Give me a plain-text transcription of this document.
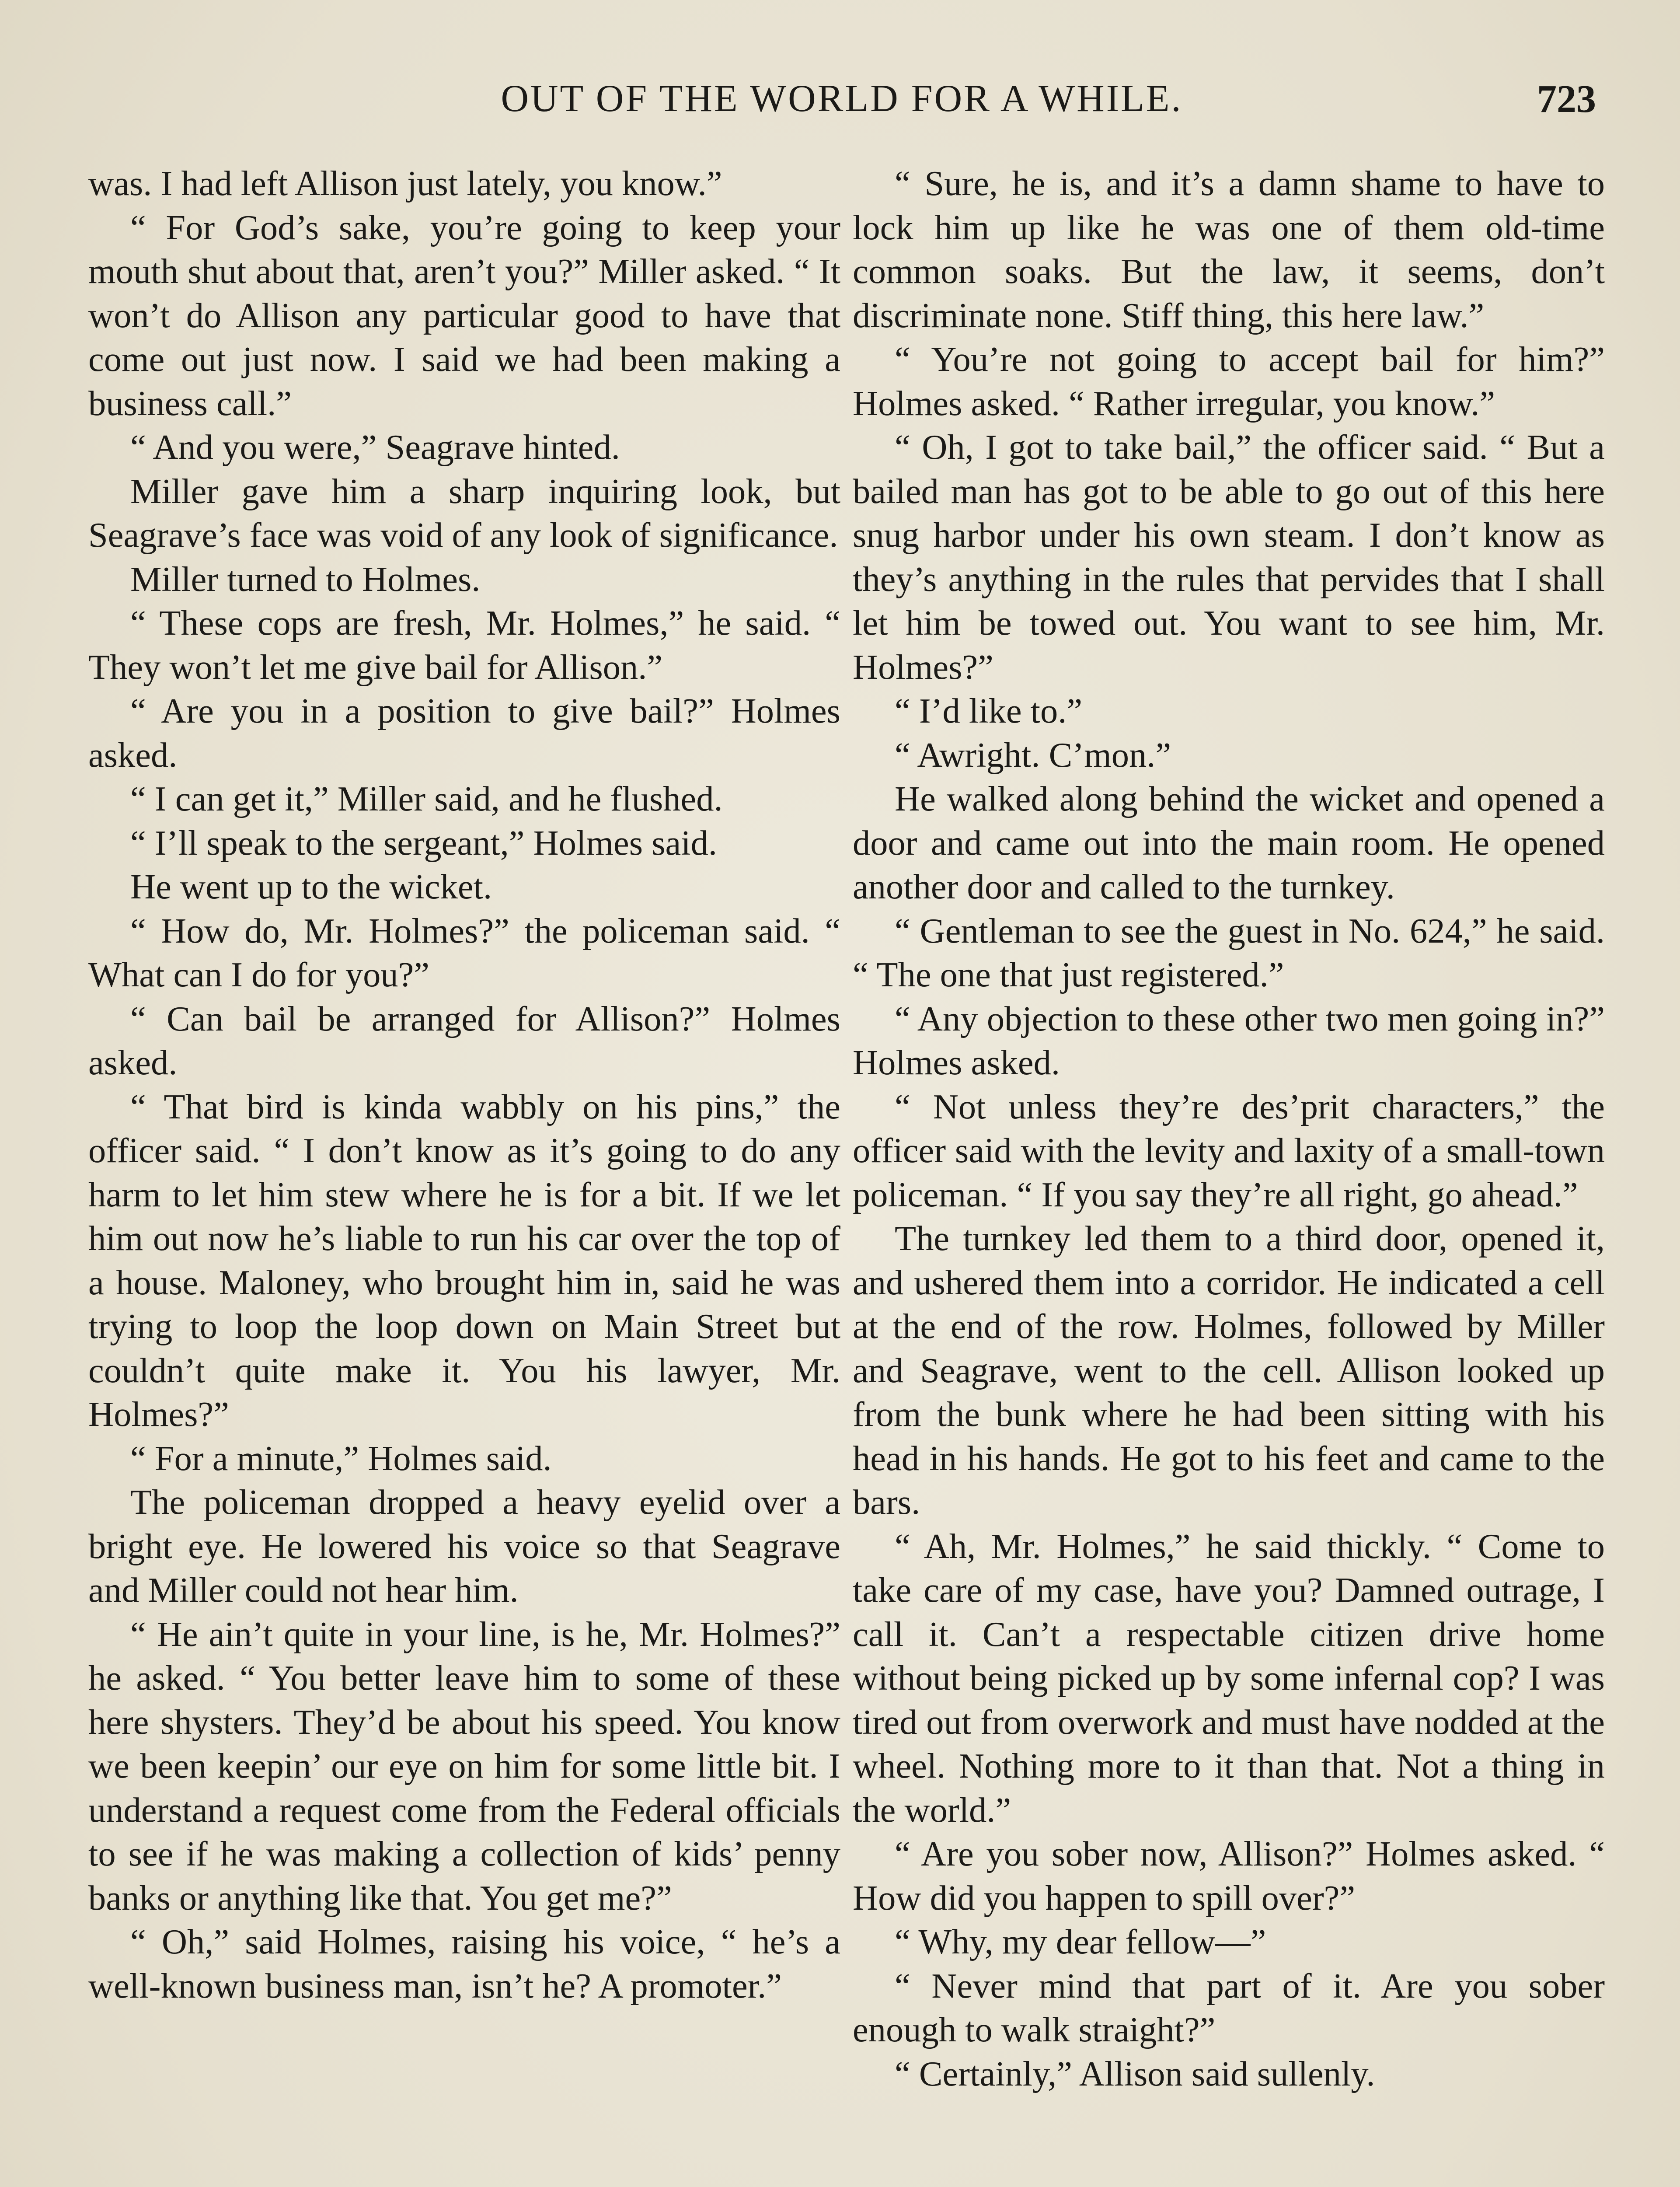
OUT OF THE WORLD FOR A WHILE.	723

was. I had left Allison just lately, you know.”

“ For God’s sake, you’re going to keep your mouth shut about that, aren’t you?” Miller asked. “ It won’t do Allison any particular good to have that come out just now. I said we had been making a business call.”

“ And you were,” Seagrave hinted.

Miller gave him a sharp inquiring look, but Seagrave’s face was void of any look of significance.

Miller turned to Holmes.

“ These cops are fresh, Mr. Holmes,” he said. “ They won’t let me give bail for Allison.”

“ Are you in a position to give bail?” Holmes asked.

“ I can get it,” Miller said, and he flushed.

“ I’ll speak to the sergeant,” Holmes said.

He went up to the wicket.

“ How do, Mr. Holmes?” the policeman said. “ What can I do for you?”

“ Can bail be arranged for Allison?” Holmes asked.

“ That bird is kinda wabbly on his pins,” the officer said. “ I don’t know as it’s going to do any harm to let him stew where he is for a bit. If we let him out now he’s liable to run his car over the top of a house. Maloney, who brought him in, said he was trying to loop the loop down on Main Street but couldn’t quite make it. You his lawyer, Mr. Holmes?”

“ For a minute,” Holmes said.

The policeman dropped a heavy eyelid over a bright eye. He lowered his voice so that Seagrave and Miller could not hear him.

“ He ain’t quite in your line, is he, Mr. Holmes?” he asked. “ You better leave him to some of these here shysters. They’d be about his speed. You know we been keepin’ our eye on him for some little bit. I understand a request come from the Federal officials to see if he was making a collection of kids’ penny banks or anything like that. You get me?”

“ Oh,” said Holmes, raising his voice, “ he’s a well-known business man, isn’t he? A promoter.”

“ Sure, he is, and it’s a damn shame to have to lock him up like he was one of them old-time common soaks. But the law, it seems, don’t discriminate none. Stiff thing, this here law.”

“ You’re not going to accept bail for him?” Holmes asked. “ Rather irregular, you know.”

“ Oh, I got to take bail,” the officer said. “ But a bailed man has got to be able to go out of this here snug harbor under his own steam. I don’t know as they’s anything in the rules that pervides that I shall let him be towed out. You want to see him, Mr. Holmes?”

“ I’d like to.”

“ Awright. C’mon.”

He walked along behind the wicket and opened a door and came out into the main room. He opened another door and called to the turnkey.

“ Gentleman to see the guest in No. 624,” he said. “ The one that just registered.”

“ Any objection to these other two men going in?” Holmes asked.

“ Not unless they’re des’prit characters,” the officer said with the levity and laxity of a small-town policeman. “ If you say they’re all right, go ahead.”

The turnkey led them to a third door, opened it, and ushered them into a corridor. He indicated a cell at the end of the row. Holmes, followed by Miller and Seagrave, went to the cell. Allison looked up from the bunk where he had been sitting with his head in his hands. He got to his feet and came to the bars.

“ Ah, Mr. Holmes,” he said thickly. “ Come to take care of my case, have you? Damned outrage, I call it. Can’t a respectable citizen drive home without being picked up by some infernal cop? I was tired out from overwork and must have nodded at the wheel. Nothing more to it than that. Not a thing in the world.”

“ Are you sober now, Allison?” Holmes asked. “ How did you happen to spill over?”

“ Why, my dear fellow—”

“ Never mind that part of it. Are you sober enough to walk straight?”

“ Certainly,” Allison said sullenly.
